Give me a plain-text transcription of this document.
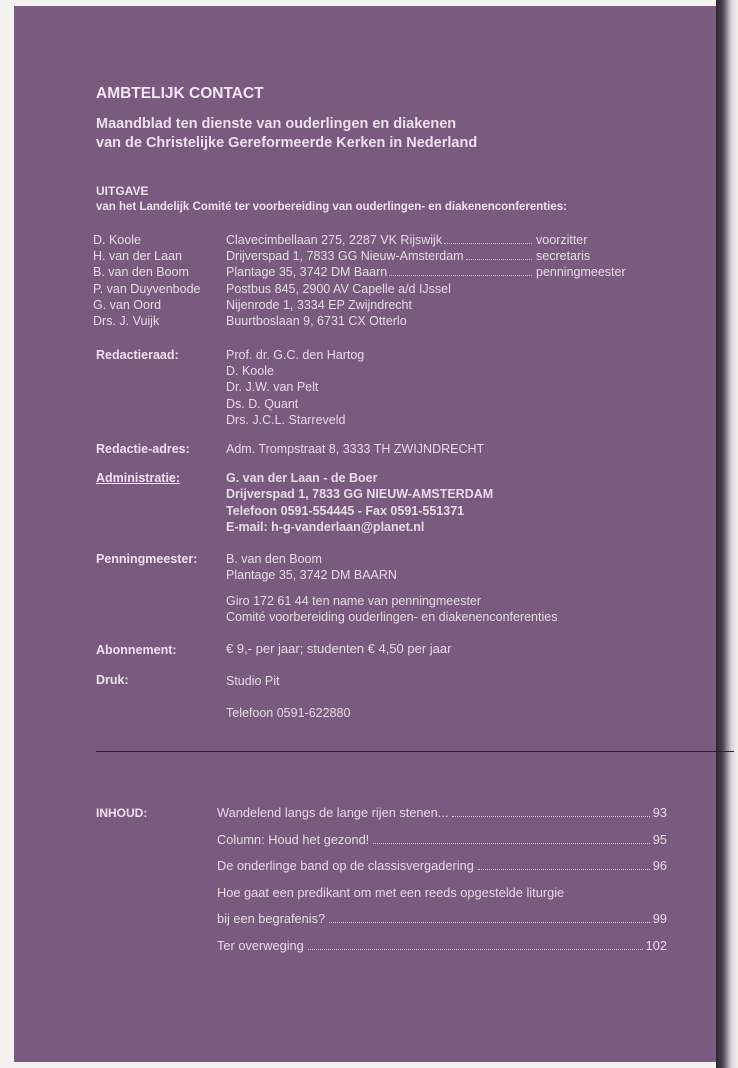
AMBTELIJK CONTACT
Maandblad ten dienste van ouderlingen en diakenen
van de Christelijke Gereformeerde Kerken in Nederland
UITGAVE
van het Landelijk Comité ter voorbereiding van ouderlingen- en diakenenconferenties:
D. Koole	Clavecimbellaan 275, 2287 VK Rijswijk	voorzitter
H. van der Laan	Drijverspad 1, 7833 GG Nieuw-Amsterdam	secretaris
B. van den Boom	Plantage 35, 3742 DM Baarn	penningmeester
P. van Duyvenbode	Postbus 845, 2900 AV Capelle a/d IJssel
G. van Oord	Nijenrode 1, 3334 EP Zwijndrecht
Drs. J. Vuijk	Buurtboslaan 9, 6731 CX Otterlo
Redactieraad:	Prof. dr. G.C. den Hartog
D. Koole
Dr. J.W. van Pelt
Ds. D. Quant
Drs. J.C.L. Starreveld
Redactie-adres:	Adm. Trompstraat 8, 3333 TH ZWIJNDRECHT
Administratie:	G. van der Laan - de Boer
Drijverspad 1, 7833 GG NIEUW-AMSTERDAM
Telefoon 0591-554445 - Fax 0591-551371
E-mail: h-g-vanderlaan@planet.nl
Penningmeester: B. van den Boom
Plantage 35, 3742 DM BAARN
Giro 172 61 44 ten name van penningmeester
Comité voorbereiding ouderlingen- en diakenenconferenties
Abonnement:	€ 9,- per jaar; studenten € 4,50 per jaar
Druk:	Studio Pit
Telefoon 0591-622880
INHOUD:	Wandelend langs de lange rijen stenen...	93
Column: Houd het gezond!	95
De onderlinge band op de classisvergadering	96
Hoe gaat een predikant om met een reeds opgestelde liturgie
bij een begrafenis?	99
Ter overweging	102
